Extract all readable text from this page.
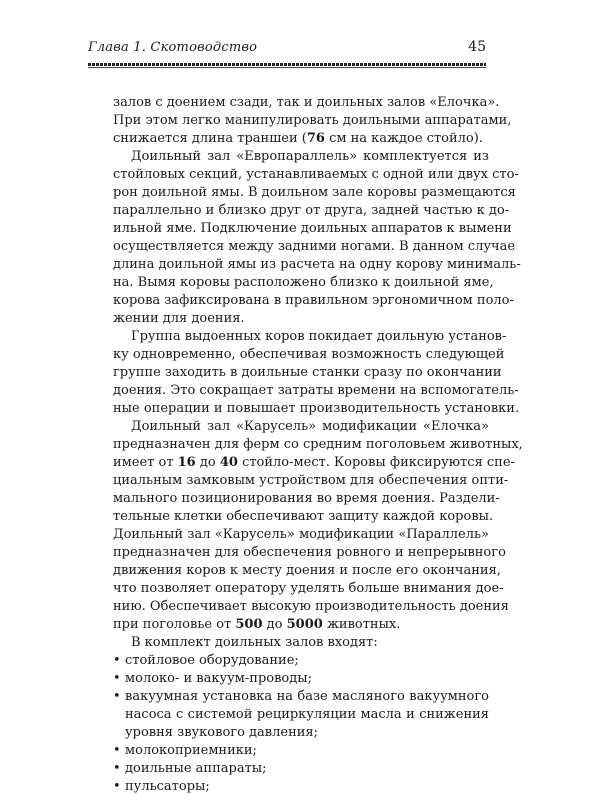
Глава 1. Скотоводство	45
залов с доением сзади, так и доильных залов «Елочка».
При этом легко манипулировать доильными аппаратами,
снижается длина траншеи (76 см на каждое стойло).
Доильный зал «Европараллель» комплектуется из
стойловых секций, устанавливаемых с одной или двух сто-
рон доильной ямы. В доильном зале коровы размещаются
параллельно и близко друг от друга, задней частью к до-
ильной яме. Подключение доильных аппаратов к вымени
осуществляется между задними ногами. В данном случае
длина доильной ямы из расчета на одну корову минималь-
на. Вымя коровы расположено близко к доильной яме,
корова зафиксирована в правильном эргономичном поло-
жении для доения.
Группа выдоенных коров покидает доильную установ-
ку одновременно, обеспечивая возможность следующей
группе заходить в доильные станки сразу по окончании
доения. Это сокращает затраты времени на вспомогатель-
ные операции и повышает производительность установки.
Доильный зал «Карусель» модификации «Елочка»
предназначен для ферм со средним поголовьем животных,
имеет от 16 до 40 стойло-мест. Коровы фиксируются спе-
циальным замковым устройством для обеспечения опти-
мального позиционирования во время доения. Раздели-
тельные клетки обеспечивают защиту каждой коровы.
Доильный зал «Карусель» модификации «Параллель»
предназначен для обеспечения ровного и непрерывного
движения коров к месту доения и после его окончания,
что позволяет оператору уделять больше внимания дое-
нию. Обеспечивает высокую производительность доения
при поголовье от 500 до 5000 животных.
В комплект доильных залов входят:
• стойловое оборудование;
• молоко- и вакуум-проводы;
• вакуумная установка на базе масляного вакуумного
насоса с системой рециркуляции масла и снижения
уровня звукового давления;
• молокоприемники;
• доильные аппараты;
• пульсаторы;
